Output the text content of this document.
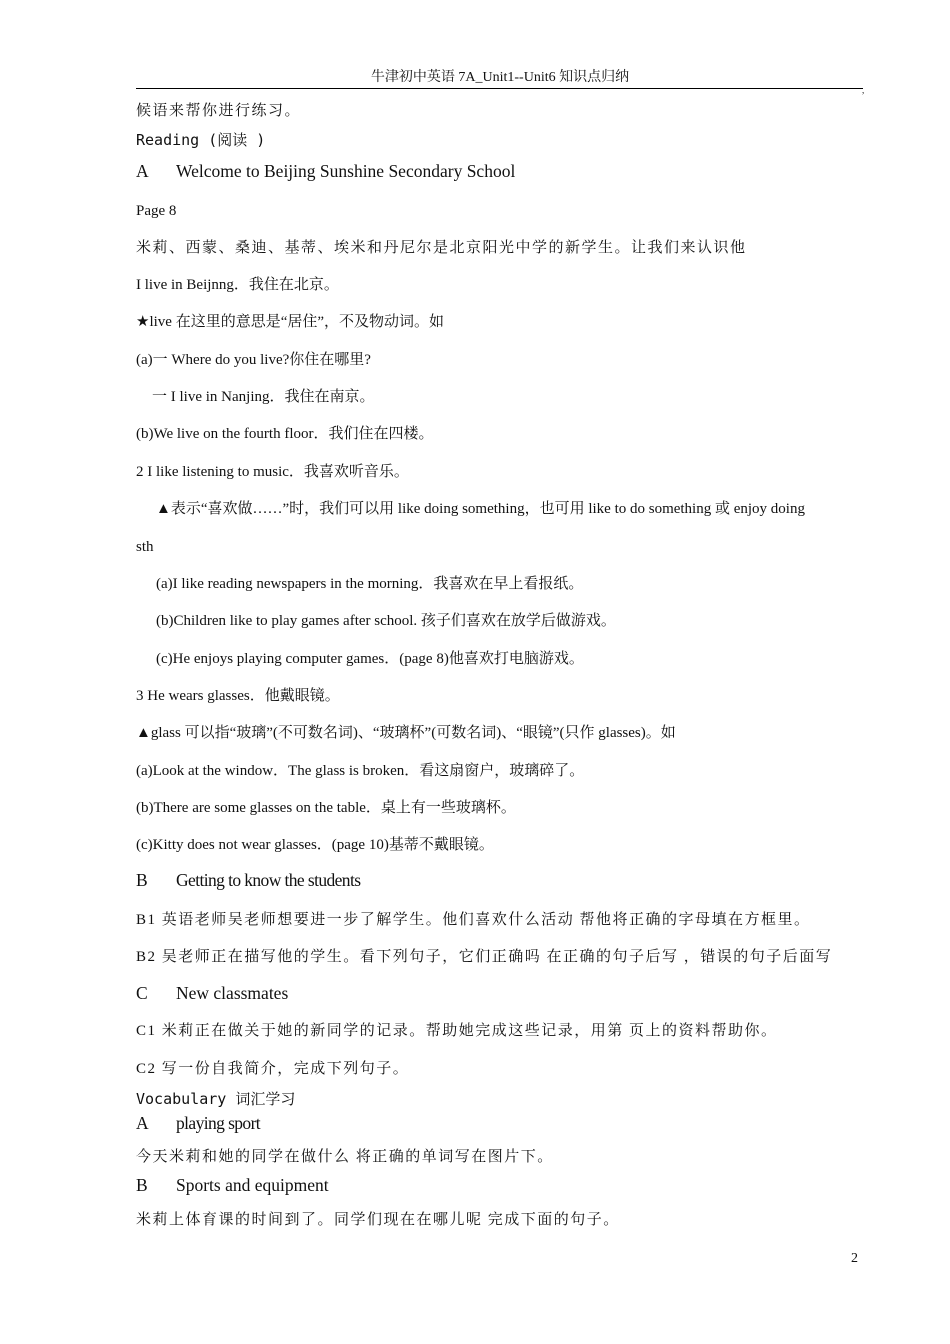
牛津初中英语 7A_Unit1--Unit6 知识点归纳
,
候语来帮你进行练习。
Reading (阅读 )
A Welcome to Beijing Sunshine Secondary School
Page 8
米莉、西蒙、桑迪、基蒂、埃米和丹尼尔是北京阳光中学的新学生。让我们来认识他
I live in Beijnng．我住在北京。
★live 在这里的意思是“居住”，不及物动词。如
(a)一 Where do you live?你住在哪里?
一 I live in Nanjing．我住在南京。
(b)We live on the fourth floor．我们住在四楼。
2 I like listening to music．我喜欢听音乐。
▲表示“喜欢做……”时，我们可以用 like doing something，也可用 like to do something 或 enjoy doing
sth
(a)I like reading newspapers in the morning．我喜欢在早上看报纸。
(b)Children like to play games after school. 孩子们喜欢在放学后做游戏。
(c)He enjoys playing computer games．(page 8)他喜欢打电脑游戏。
3 He wears glasses．他戴眼镜。
▲glass 可以指“玻璃”(不可数名词)、“玻璃杯”(可数名词)、“眼镜”(只作 glasses)。如
(a)Look at the window．The glass is broken．看这扇窗户，玻璃碎了。
(b)There are some glasses on the table．桌上有一些玻璃杯。
(c)Kitty does not wear glasses．(page 10)基蒂不戴眼镜。
B Getting to know the students
B1 英语老师吴老师想要进一步了解学生。他们喜欢什么活动 帮他将正确的字母填在方框里。
B2 吴老师正在描写他的学生。看下列句子，它们正确吗 在正确的句子后写 ，错误的句子后面写
C New classmates
C1 米莉正在做关于她的新同学的记录。帮助她完成这些记录，用第 页上的资料帮助你。
C2 写一份自我简介，完成下列句子。
Vocabulary 词汇学习
A playing sport
今天米莉和她的同学在做什么 将正确的单词写在图片下。
B Sports and equipment
米莉上体育课的时间到了。同学们现在在哪儿呢 完成下面的句子。
2
